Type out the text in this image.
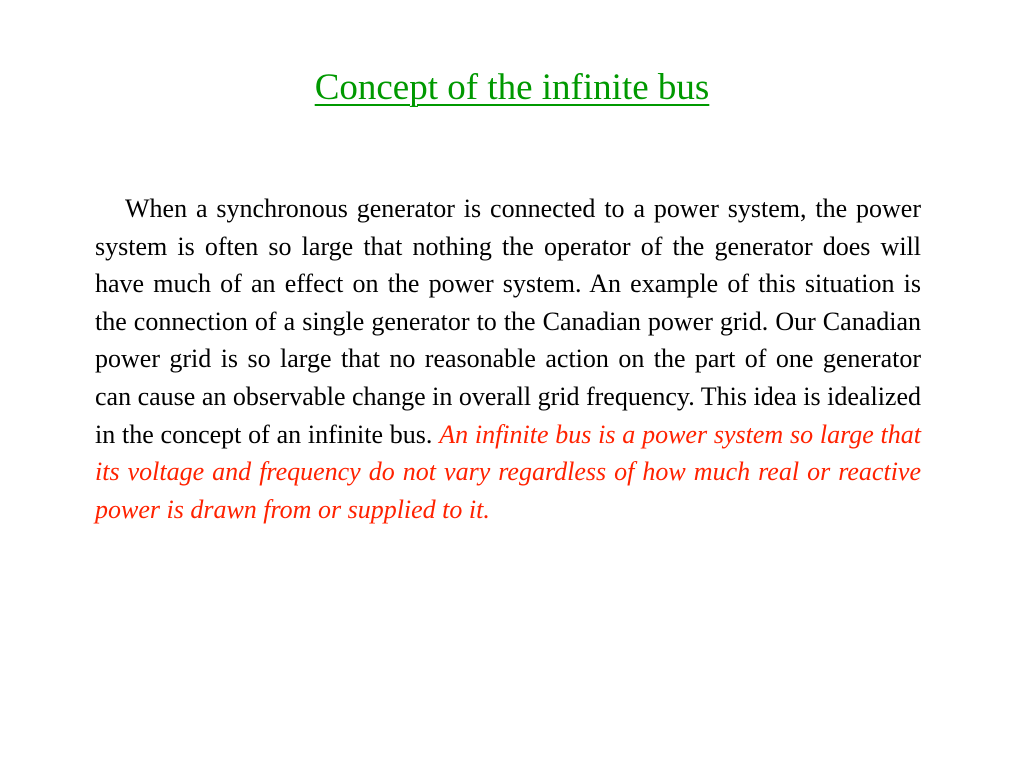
Concept of the infinite bus

When a synchronous generator is connected to a power system, the power system is often so large that nothing the operator of the generator does will have much of an effect on the power system. An example of this situation is the connection of a single generator to the Canadian power grid. Our Canadian power grid is so large that no reasonable action on the part of one generator can cause an observable change in overall grid frequency. This idea is idealized in the concept of an infinite bus. An infinite bus is a power system so large that its voltage and frequency do not vary regardless of how much real or reactive power is drawn from or supplied to it.
